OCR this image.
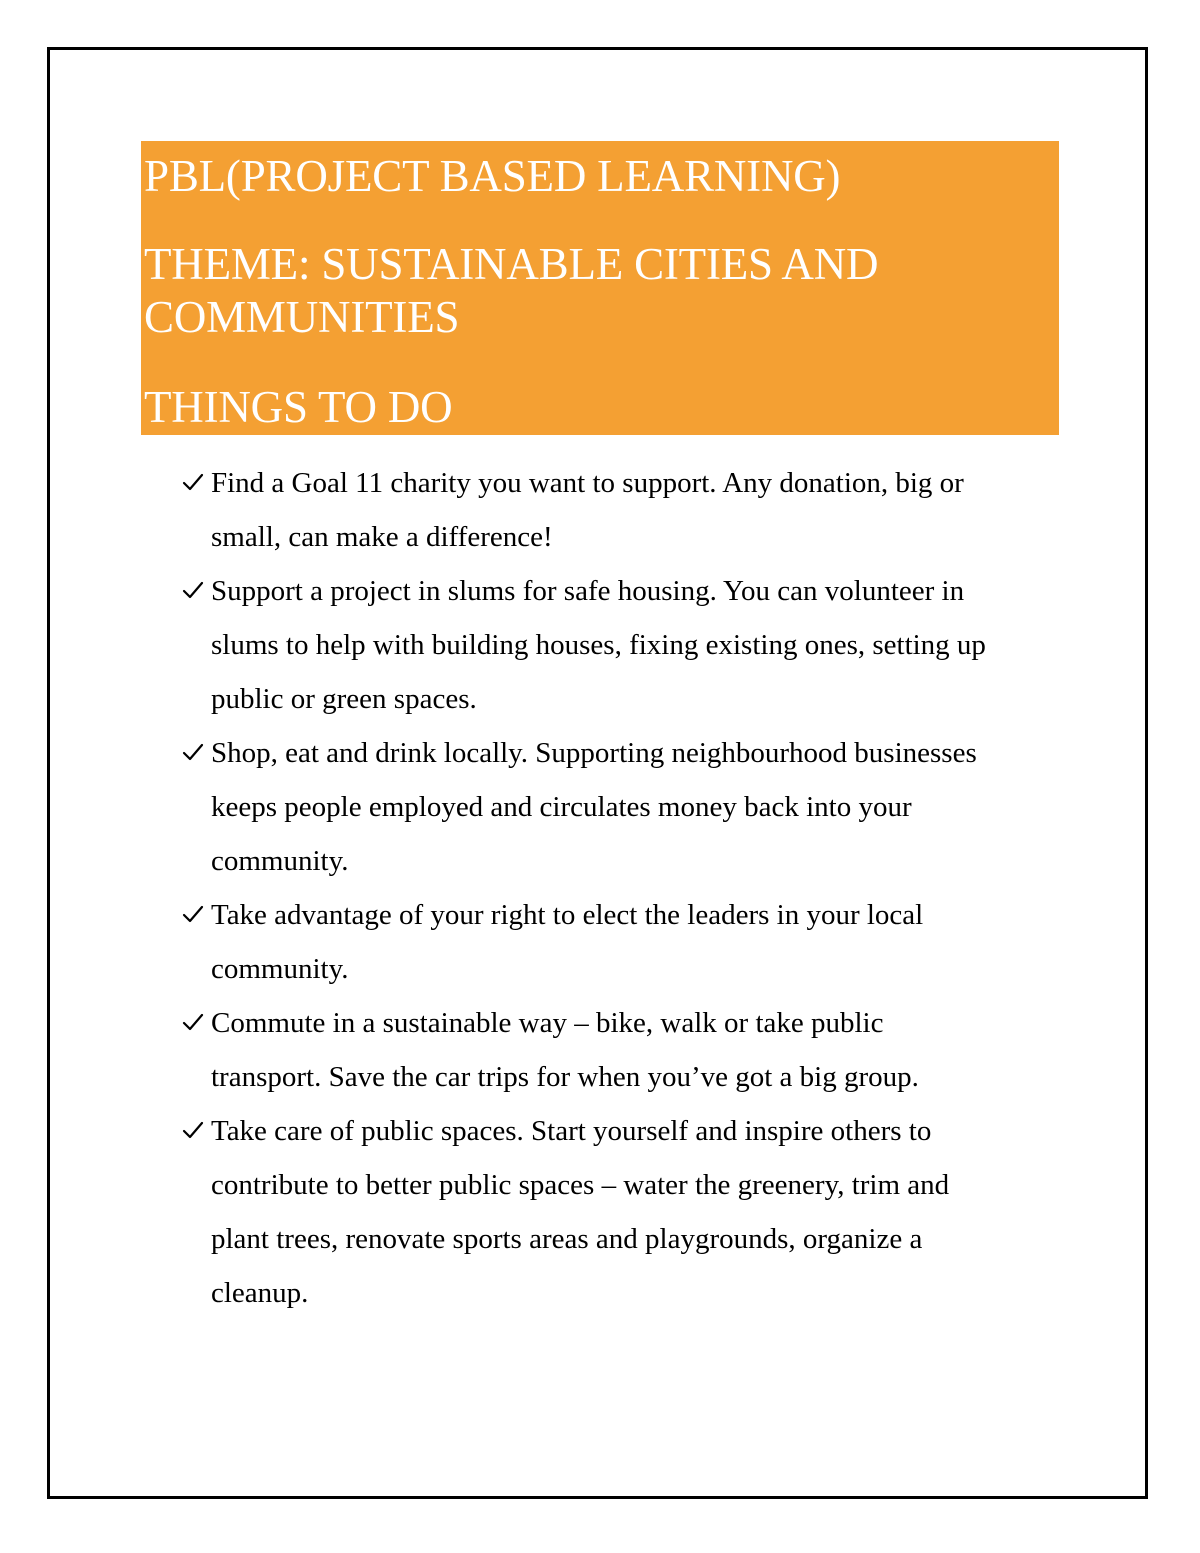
PBL(PROJECT BASED LEARNING)
THEME: SUSTAINABLE CITIES AND
COMMUNITIES
THINGS TO DO
Find a Goal 11 charity you want to support. Any donation, big or
small, can make a difference!
Support a project in slums for safe housing. You can volunteer in
slums to help with building houses, fixing existing ones, setting up
public or green spaces.
Shop, eat and drink locally. Supporting neighbourhood businesses
keeps people employed and circulates money back into your
community.
Take advantage of your right to elect the leaders in your local
community.
Commute in a sustainable way – bike, walk or take public
transport. Save the car trips for when you’ve got a big group.
Take care of public spaces. Start yourself and inspire others to
contribute to better public spaces – water the greenery, trim and
plant trees, renovate sports areas and playgrounds, organize a
cleanup.
